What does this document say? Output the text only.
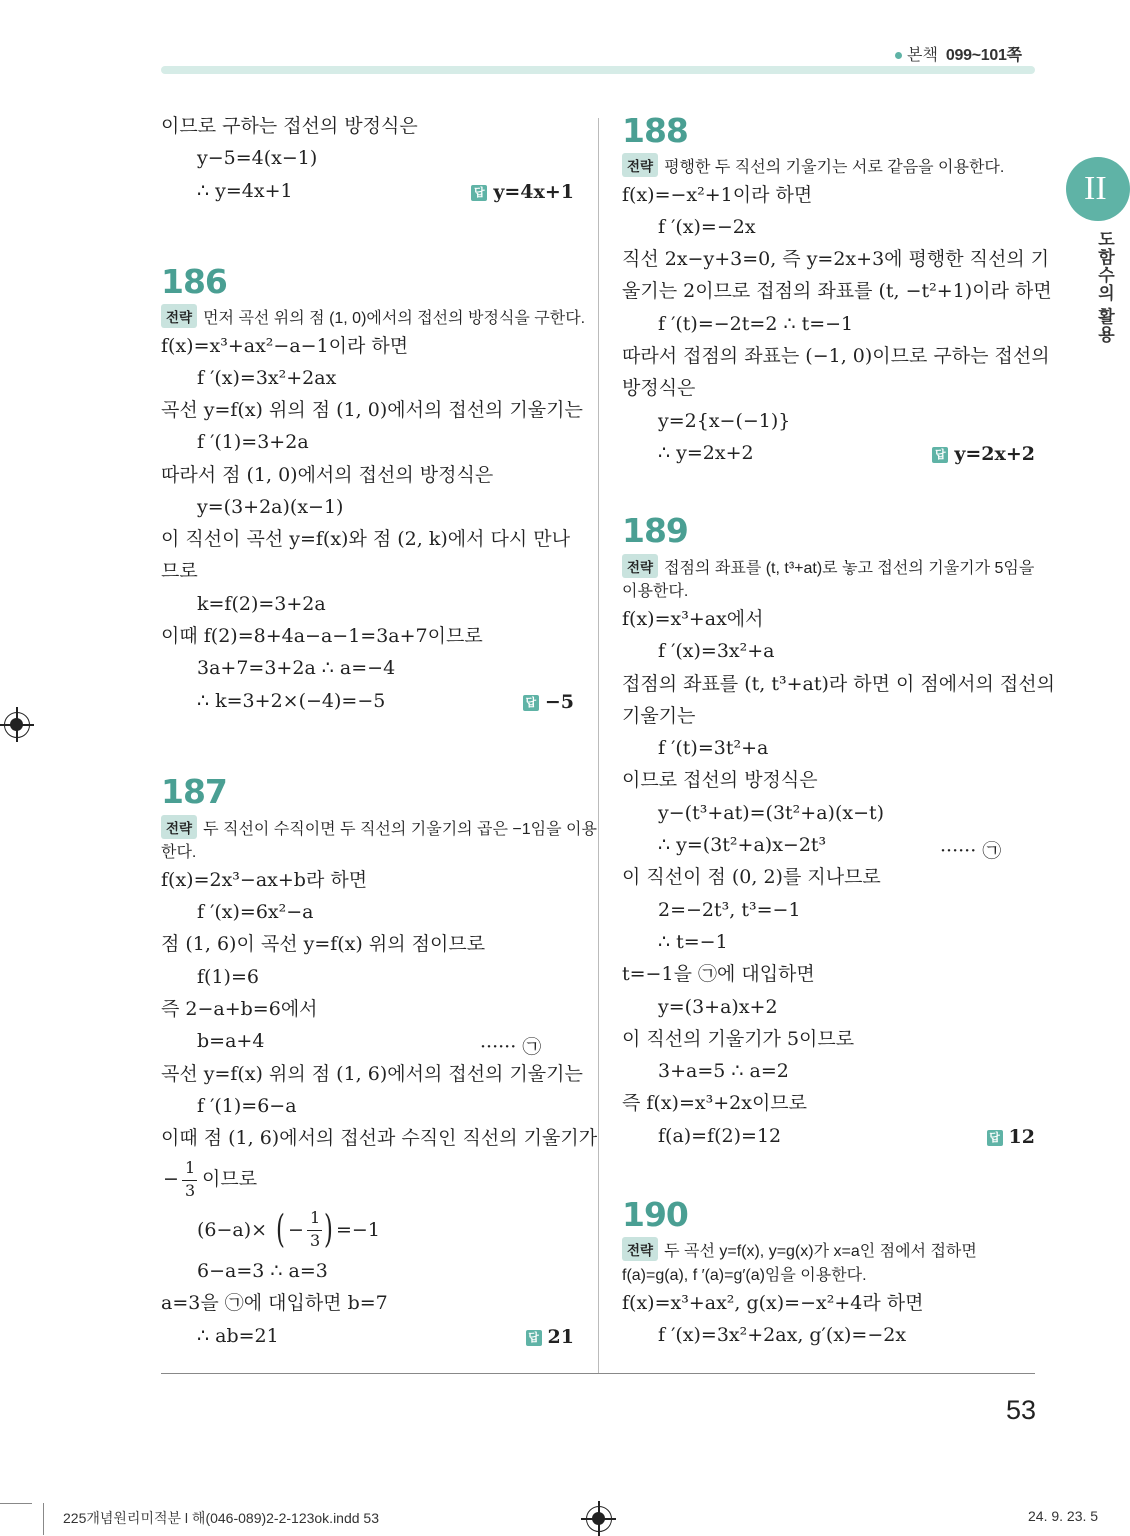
본책 099~101쪽
II
도함수의 활용
53
225개념원리미적분 l 해(046-089)2-2-123ok.indd 53	24. 9. 23. 5
이므로 구하는 접선의 방정식은
y−5=4(x−1)
∴ y=4x+1	답 y=4x+1
186
전략 먼저 곡선 위의 점 (1, 0)에서의 접선의 방정식을 구한다.
f(x)=x³+ax²−a−1이라 하면
f ′(x)=3x²+2ax
곡선 y=f(x) 위의 점 (1, 0)에서의 접선의 기울기는
f ′(1)=3+2a
따라서 점 (1, 0)에서의 접선의 방정식은
y=(3+2a)(x−1)
이 직선이 곡선 y=f(x)와 점 (2, k)에서 다시 만나
므로
k=f(2)=3+2a
이때 f(2)=8+4a−a−1=3a+7이므로
3a+7=3+2a ∴ a=−4
∴ k=3+2×(−4)=−5	답 −5
187
전략 두 직선이 수직이면 두 직선의 기울기의 곱은 −1임을 이용
한다.
f(x)=2x³−ax+b라 하면
f ′(x)=6x²−a
점 (1, 6)이 곡선 y=f(x) 위의 점이므로
f(1)=6
즉 2−a+b=6에서
b=a+4	······ ㉠
곡선 y=f(x) 위의 점 (1, 6)에서의 접선의 기울기는
f ′(1)=6−a
이때 점 (1, 6)에서의 접선과 수직인 직선의 기울기가
−
1
3
이므로
(6−a)× ( −
1
3 ) =−1
6−a=3 ∴ a=3
a=3을 ㉠에 대입하면 b=7
∴ ab=21	답 21
188
전략 평행한 두 직선의 기울기는 서로 같음을 이용한다.
f(x)=−x²+1이라 하면
f ′(x)=−2x
직선 2x−y+3=0, 즉 y=2x+3에 평행한 직선의 기
울기는 2이므로 접점의 좌표를 (t, −t²+1)이라 하면
f ′(t)=−2t=2 ∴ t=−1
따라서 접점의 좌표는 (−1, 0)이므로 구하는 접선의
방정식은
y=2{x−(−1)}
∴ y=2x+2	답 y=2x+2
189
전략 접점의 좌표를 (t, t³+at)로 놓고 접선의 기울기가 5임을
이용한다.
f(x)=x³+ax에서
f ′(x)=3x²+a
접점의 좌표를 (t, t³+at)라 하면 이 점에서의 접선의
기울기는
f ′(t)=3t²+a
이므로 접선의 방정식은
y−(t³+at)=(3t²+a)(x−t)
∴ y=(3t²+a)x−2t³	······ ㉠
이 직선이 점 (0, 2)를 지나므로
2=−2t³, t³=−1
∴ t=−1
t=−1을 ㉠에 대입하면
y=(3+a)x+2
이 직선의 기울기가 5이므로
3+a=5 ∴ a=2
즉 f(x)=x³+2x이므로
f(a)=f(2)=12	답 12
190
전략 두 곡선 y=f(x), y=g(x)가 x=a인 점에서 접하면
f(a)=g(a), f ′(a)=g′(a)임을 이용한다.
f(x)=x³+ax², g(x)=−x²+4라 하면
f ′(x)=3x²+2ax, g′(x)=−2x
